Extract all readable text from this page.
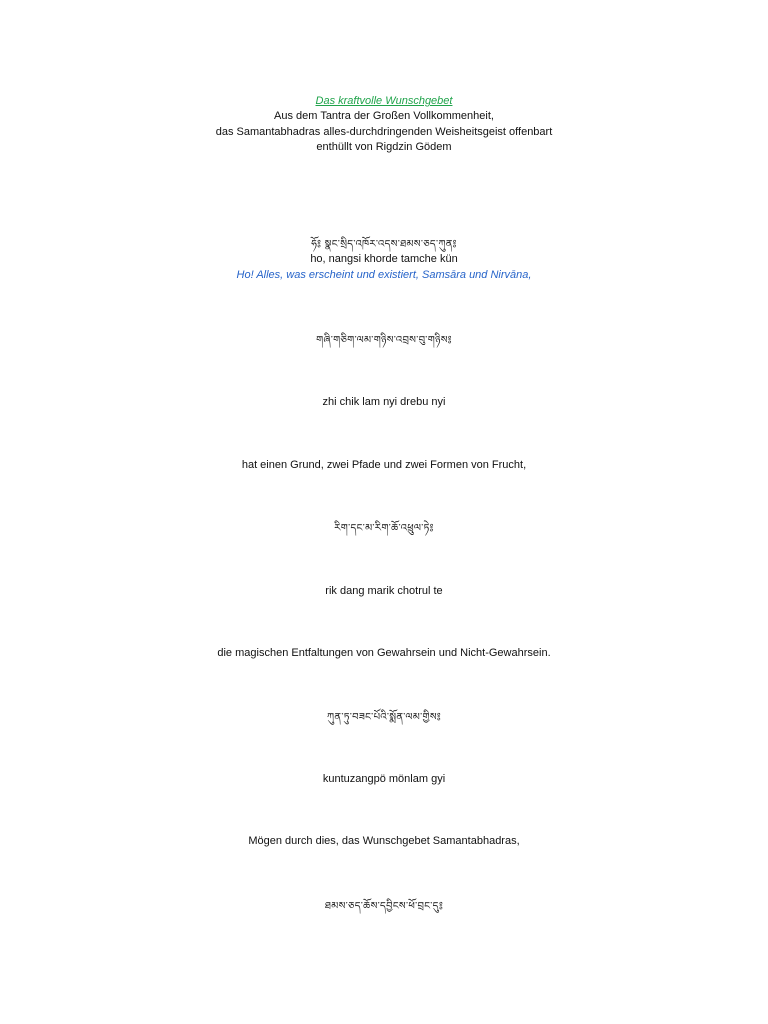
Das kraftvolle Wunschgebet
Aus dem Tantra der Großen Vollkommenheit,
das Samantabhadras alles-durchdringenden Weisheitsgeist offenbart
enthüllt von Rigdzin Gödem
ཧོ༔ སྣང་སྲིད་འཁོར་འདས་ཐམས་ཅད་ཀུན༔
ho, nangsi khorde tamche kün
Ho! Alles, was erscheint und existiert, Samsāra und Nirvāna,
གཞི་གཅིག་ལམ་གཉིས་འབྲས་བུ་གཉིས༔
zhi chik lam nyi drebu nyi
hat einen Grund, zwei Pfade und zwei Formen von Frucht,
རིག་དང་མ་རིག་ཆོ་འཕྲུལ་ཏེ༔
rik dang marik chotrul te
die magischen Entfaltungen von Gewahrsein und Nicht-Gewahrsein.
ཀུན་ཏུ་བཟང་པོའི་སྨོན་ལམ་གྱིས༔
kuntuzangpö mönlam gyi
Mögen durch dies, das Wunschgebet Samantabhadras,
ཐམས་ཅད་ཆོས་དབྱིངས་ཕོ་བྲང་དུ༔
